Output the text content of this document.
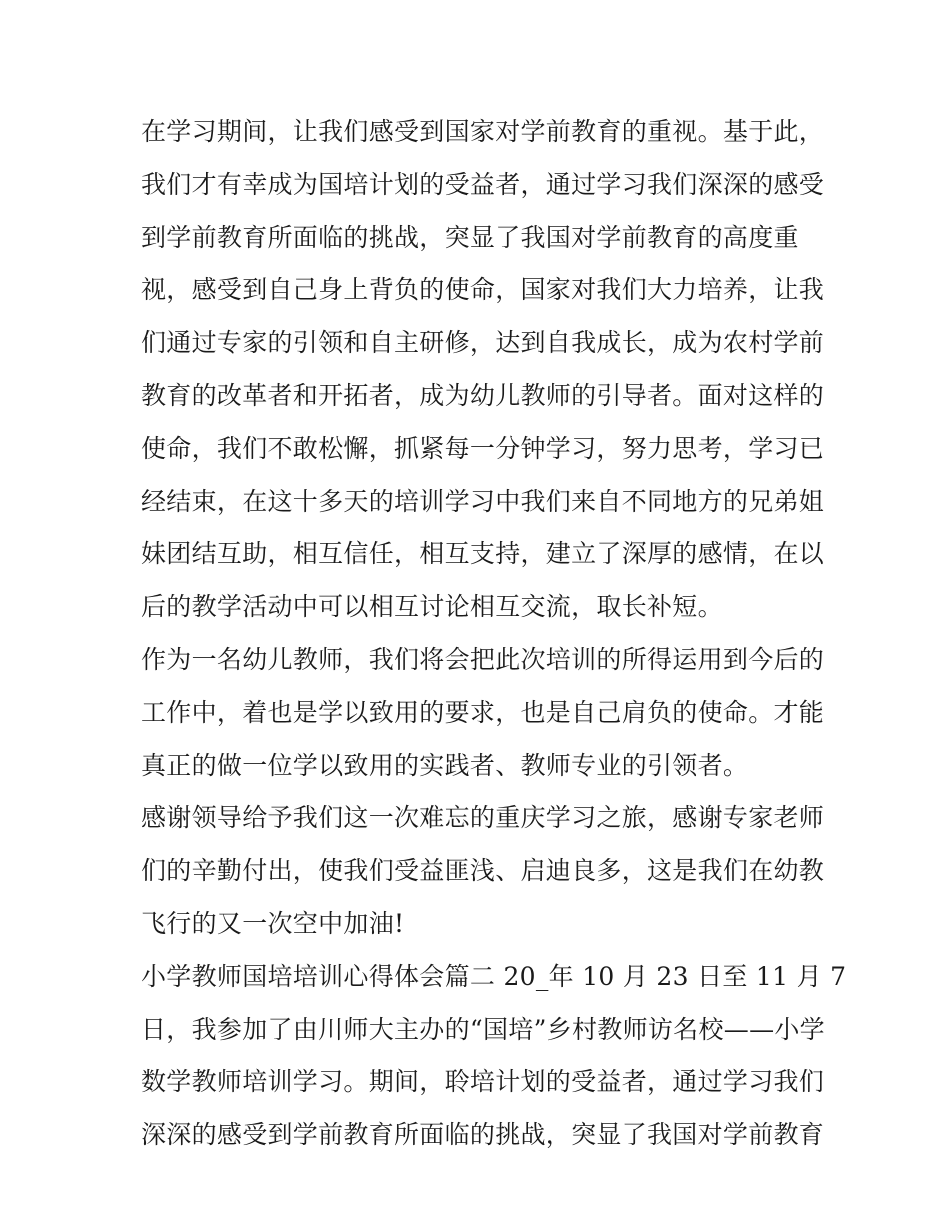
在学习期间，让我们感受到国家对学前教育的重视。基于此，
我们才有幸成为国培计划的受益者，通过学习我们深深的感受
到学前教育所面临的挑战，突显了我国对学前教育的高度重
视，感受到自己身上背负的使命，国家对我们大力培养，让我
们通过专家的引领和自主研修，达到自我成长，成为农村学前
教育的改革者和开拓者，成为幼儿教师的引导者。面对这样的
使命，我们不敢松懈，抓紧每一分钟学习，努力思考，学习已
经结束，在这十多天的培训学习中我们来自不同地方的兄弟姐
妹团结互助，相互信任，相互支持，建立了深厚的感情，在以
后的教学活动中可以相互讨论相互交流，取长补短。
作为一名幼儿教师，我们将会把此次培训的所得运用到今后的
工作中，着也是学以致用的要求，也是自己肩负的使命。才能
真正的做一位学以致用的实践者、教师专业的引领者。
感谢领导给予我们这一次难忘的重庆学习之旅，感谢专家老师
们的辛勤付出，使我们受益匪浅、启迪良多，这是我们在幼教
飞行的又一次空中加油!
小学教师国培培训心得体会篇二 20_年 10 月 23 日至 11 月 7
日，我参加了由川师大主办的“国培”乡村教师访名校——小学
数学教师培训学习。期间，聆培计划的受益者，通过学习我们
深深的感受到学前教育所面临的挑战，突显了我国对学前教育
